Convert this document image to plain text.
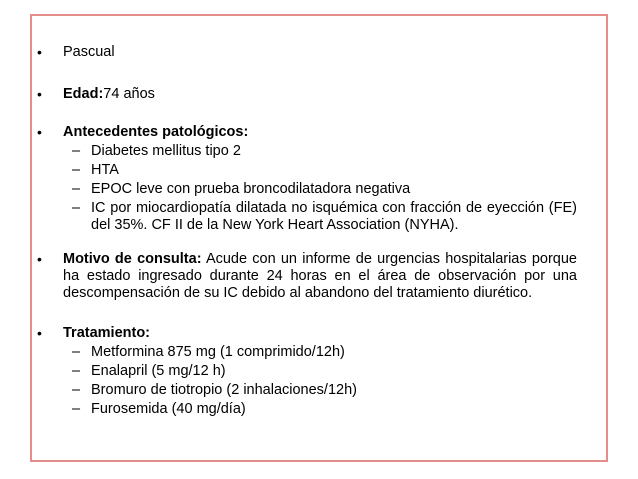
• Pascual
• Edad:74 años
• Antecedentes patológicos:
– Diabetes mellitus tipo 2
– HTA
– EPOC leve con prueba broncodilatadora negativa
– IC por miocardiopatía dilatada no isquémica con fracción de eyección (FE) del 35%. CF II de la New York Heart Association (NYHA).
• Motivo de consulta: Acude con un informe de urgencias hospitalarias porque ha estado ingresado durante 24 horas en el área de observación por una descompensación de su IC debido al abandono del tratamiento diurético.
• Tratamiento:
– Metformina 875 mg (1 comprimido/12h)
– Enalapril (5 mg/12 h)
– Bromuro de tiotropio (2 inhalaciones/12h)
– Furosemida (40 mg/día)
